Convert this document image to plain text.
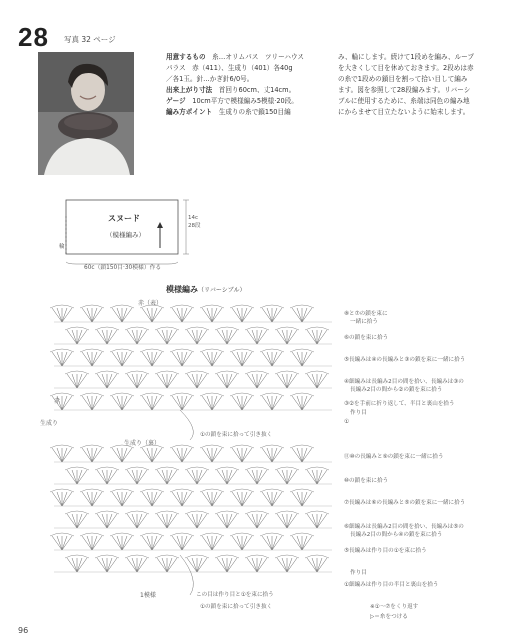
28 写真 32 ページ
用意するもの　 糸…オリムパス　ツリーハウス
パラス　赤（411）、生成り（401）各40g
／各1玉。針…かぎ針6/0号。
出来上がり寸法　 首回り60cm、丈14cm。
ゲージ　 10cm平方で模様編み5模様·20段。
編み方ポイント　 生成りの糸で鎖150目編
み、輪にします。続けて1段めを編み、ループ
を大きくして目を休めておきます。2段めは赤
の糸で1段めの鎖目を割って拾い目して編み
ます。図を参照して28段編みます。リバーシ
ブルに使用するために、糸端は同色の編み地
にからませて目立たないように始末します。
スヌード
（模様編み）
14c
28段
輪
60c（鎖150目·30模様）作る
模様編み（リバーシブル）
赤（表）
生成り（裏）
赤
生成り
1模様
①の鎖を束に拾って引き抜く
この目は作り目と①を束に拾う
①の鎖を束に拾って引き抜く
⑧と⑦の鎖を束に
一緒に拾う
⑥の鎖を束に拾う
⑤長編みは④の長編みと③の鎖を束に一緒に拾う
④細編みは長編み2目の間を拾い、長編みは③の
長編み2目の間から②の鎖を束に拾う
③②を手前に折り返して、半目と裏山を拾う
作り目
①
⑪⑩の長編みと⑨の鎖を束に一緒に拾う
⑩の鎖を束に拾う
⑦長編みは⑥の長編みと⑤の鎖を束に一緒に拾う
⑥細編みは長編み2目の間を拾い、長編みは⑤の
長編み2目の間から④の鎖を束に拾う
⑤長編みは作り目の①を束に拾う
作り目
①細編みは作り目の半目と裏山を拾う
※①～⑦をくり返す
▷＝糸をつける
96
